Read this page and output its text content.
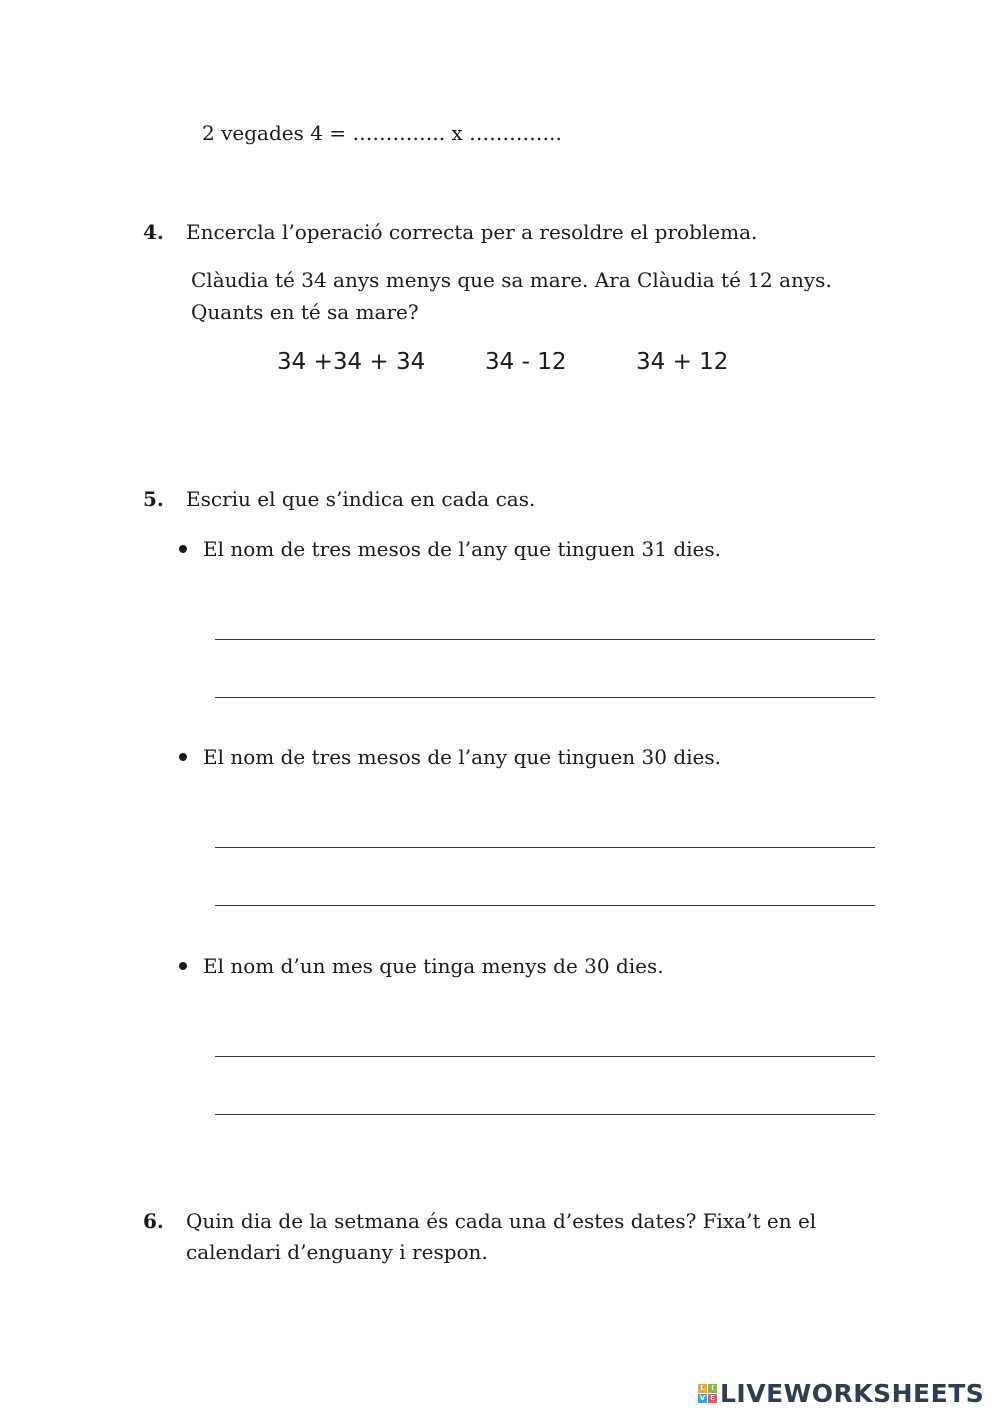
2 vegades 4 = ………….. x …………..
4. Encercla l’operació correcta per a resoldre el problema.
Clàudia té 34 anys menys que sa mare. Ara Clàudia té 12 anys.
Quants en té sa mare?
34 +34 + 34	34 - 12	34 + 12
5. Escriu el que s’indica en cada cas.
El nom de tres mesos de l’any que tinguen 31 dies.
El nom de tres mesos de l’any que tinguen 30 dies.
El nom d’un mes que tinga menys de 30 dies.
6. Quin dia de la setmana és cada una d’estes dates? Fixa’t en el
calendari d’enguany i respon.
L I
V E LIVEWORKSHEETS
